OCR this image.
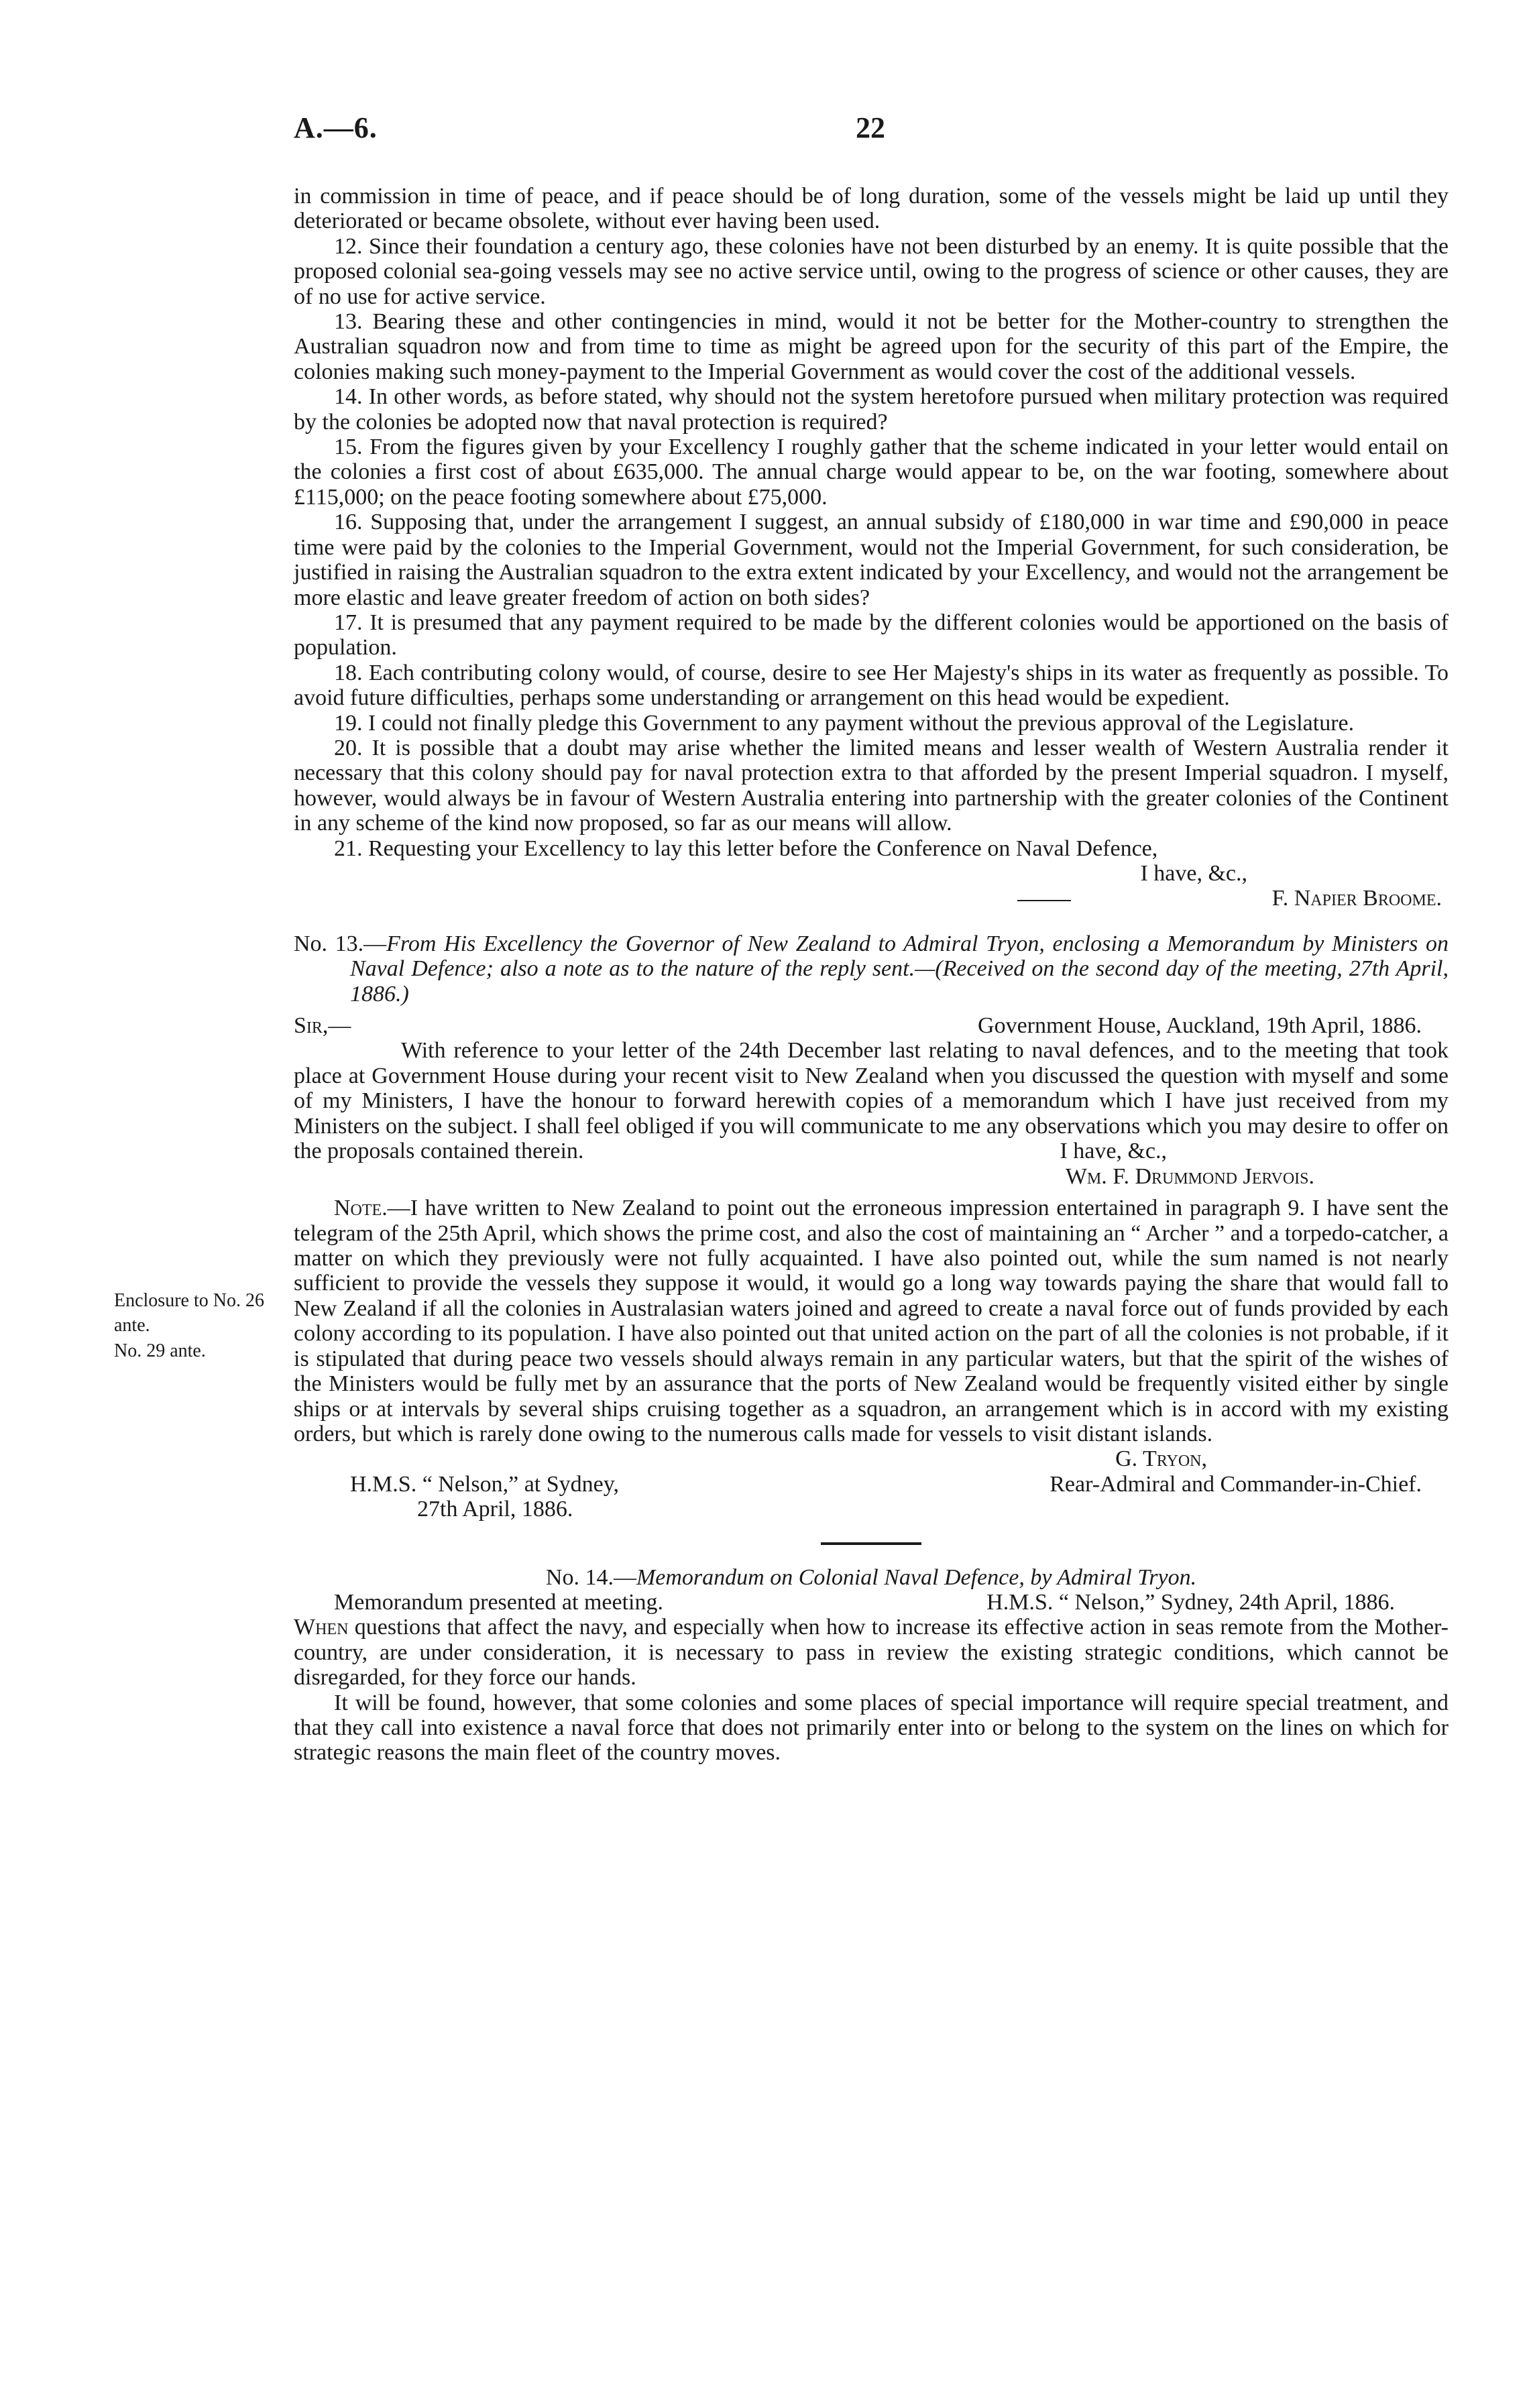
A.—6.	22
Enclosure to No. 26 ante.
No. 29 ante.

in commission in time of peace, and if peace should be of long duration, some of the vessels might be laid up until they deteriorated or became obsolete, without ever having been used.

12. Since their foundation a century ago, these colonies have not been disturbed by an enemy. It is quite possible that the proposed colonial sea-going vessels may see no active service until, owing to the progress of science or other causes, they are of no use for active service.

13. Bearing these and other contingencies in mind, would it not be better for the Mother-country to strengthen the Australian squadron now and from time to time as might be agreed upon for the security of this part of the Empire, the colonies making such money-payment to the Imperial Government as would cover the cost of the additional vessels.

14. In other words, as before stated, why should not the system heretofore pursued when military protection was required by the colonies be adopted now that naval protection is required?

15. From the figures given by your Excellency I roughly gather that the scheme indicated in your letter would entail on the colonies a first cost of about £635,000. The annual charge would appear to be, on the war footing, somewhere about £115,000; on the peace footing somewhere about £75,000.

16. Supposing that, under the arrangement I suggest, an annual subsidy of £180,000 in war time and £90,000 in peace time were paid by the colonies to the Imperial Government, would not the Imperial Government, for such consideration, be justified in raising the Australian squadron to the extra extent indicated by your Excellency, and would not the arrangement be more elastic and leave greater freedom of action on both sides?

17. It is presumed that any payment required to be made by the different colonies would be apportioned on the basis of population.

18. Each contributing colony would, of course, desire to see Her Majesty's ships in its water as frequently as possible. To avoid future difficulties, perhaps some understanding or arrangement on this head would be expedient.

19. I could not finally pledge this Government to any payment without the previous approval of the Legislature.

20. It is possible that a doubt may arise whether the limited means and lesser wealth of Western Australia render it necessary that this colony should pay for naval protection extra to that afforded by the present Imperial squadron. I myself, however, would always be in favour of Western Australia entering into partnership with the greater colonies of the Continent in any scheme of the kind now proposed, so far as our means will allow.

21. Requesting your Excellency to lay this letter before the Conference on Naval Defence,

I have, &c.,

F. Napier Broome.

No. 13.—From His Excellency the Governor of New Zealand to Admiral Tryon, enclosing a Memorandum by Ministers on Naval Defence; also a note as to the nature of the reply sent.—(Received on the second day of the meeting, 27th April, 1886.)

Sir,—	Government House, Auckland, 19th April, 1886.

With reference to your letter of the 24th December last relating to naval defences, and to the meeting that took place at Government House during your recent visit to New Zealand when you discussed the question with myself and some of my Ministers, I have the honour to forward herewith copies of a memorandum which I have just received from my Ministers on the subject. I shall feel obliged if you will communicate to me any observations which you may desire to offer on the proposals contained therein.	I have, &c.,

Wm. F. Drummond Jervois.

Note.—I have written to New Zealand to point out the erroneous impression entertained in paragraph 9. I have sent the telegram of the 25th April, which shows the prime cost, and also the cost of maintaining an “ Archer ” and a torpedo-catcher, a matter on which they previously were not fully acquainted. I have also pointed out, while the sum named is not nearly sufficient to provide the vessels they suppose it would, it would go a long way towards paying the share that would fall to New Zealand if all the colonies in Australasian waters joined and agreed to create a naval force out of funds provided by each colony according to its population. I have also pointed out that united action on the part of all the colonies is not probable, if it is stipulated that during peace two vessels should always remain in any particular waters, but that the spirit of the wishes of the Ministers would be fully met by an assurance that the ports of New Zealand would be frequently visited either by single ships or at intervals by several ships cruising together as a squadron, an arrangement which is in accord with my existing orders, but which is rarely done owing to the numerous calls made for vessels to visit distant islands.

G. Tryon,

H.M.S. “ Nelson,” at Sydney,	Rear-Admiral and Commander-in-Chief.

27th April, 1886.

No. 14.—Memorandum on Colonial Naval Defence, by Admiral Tryon.

Memorandum presented at meeting.	H.M.S. “ Nelson,” Sydney, 24th April, 1886.

When questions that affect the navy, and especially when how to increase its effective action in seas remote from the Mother-country, are under consideration, it is necessary to pass in review the existing strategic conditions, which cannot be disregarded, for they force our hands.

It will be found, however, that some colonies and some places of special importance will require special treatment, and that they call into existence a naval force that does not primarily enter into or belong to the system on the lines on which for strategic reasons the main fleet of the country moves.
